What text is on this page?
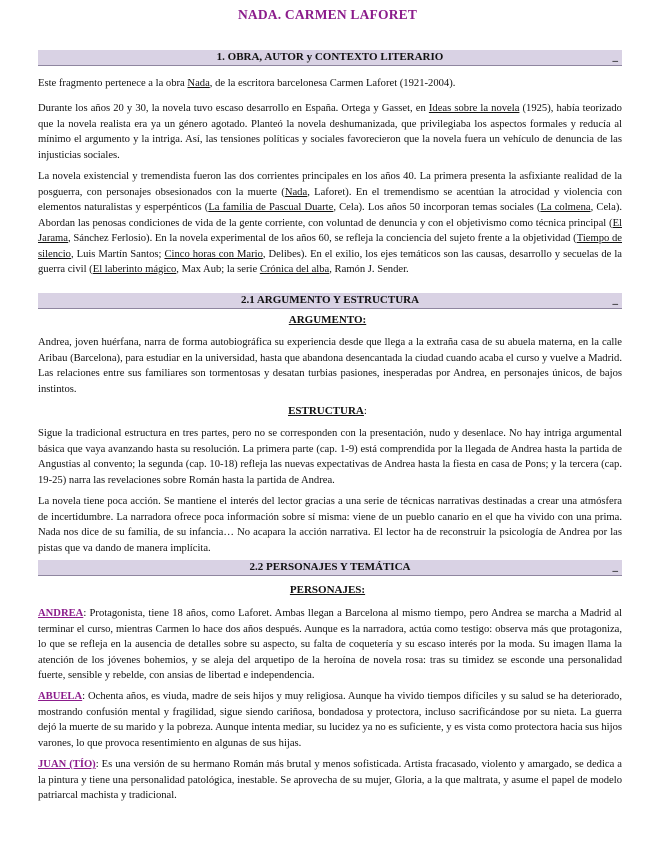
NADA. CARMEN LAFORET
1. OBRA, AUTOR y CONTEXTO LITERARIO	_

Este fragmento pertenece a la obra Nada, de la escritora barcelonesa Carmen Laforet (1921-2004).

Durante los años 20 y 30, la novela tuvo escaso desarrollo en España. Ortega y Gasset, en Ideas sobre la novela (1925), había teorizado que la novela realista era ya un género agotado. Planteó la novela deshumanizada, que privilegiaba los aspectos formales y reducía al mínimo el argumento y la intriga. Así, las tensiones políticas y sociales favorecieron que la novela fuera un vehículo de denuncia de las injusticias sociales.

La novela existencial y tremendista fueron las dos corrientes principales en los años 40. La primera presenta la asfixiante realidad de la posguerra, con personajes obsesionados con la muerte (Nada, Laforet). En el tremendismo se acentúan la atrocidad y violencia con elementos naturalistas y esperpénticos (La familia de Pascual Duarte, Cela). Los años 50 incorporan temas sociales (La colmena, Cela). Abordan las penosas condiciones de vida de la gente corriente, con voluntad de denuncia y con el objetivismo como técnica principal (El Jarama, Sánchez Ferlosio). En la novela experimental de los años 60, se refleja la conciencia del sujeto frente a la objetividad (Tiempo de silencio, Luis Martín Santos; Cinco horas con Mario, Delibes). En el exilio, los ejes temáticos son las causas, desarrollo y secuelas de la guerra civil (El laberinto mágico, Max Aub; la serie Crónica del alba, Ramón J. Sender.

2.1 ARGUMENTO Y ESTRUCTURA	_
ARGUMENTO:

Andrea, joven huérfana, narra de forma autobiográfica su experiencia desde que llega a la extraña casa de su abuela materna, en la calle Aribau (Barcelona), para estudiar en la universidad, hasta que abandona desencantada la ciudad cuando acaba el curso y vuelve a Madrid. Las relaciones entre sus familiares son tormentosas y desatan turbias pasiones, inesperadas por Andrea, en personajes únicos, de bajos instintos.

ESTRUCTURA:

Sigue la tradicional estructura en tres partes, pero no se corresponden con la presentación, nudo y desenlace. No hay intriga argumental básica que vaya avanzando hasta su resolución. La primera parte (cap. 1-9) está comprendida por la llegada de Andrea hasta la partida de Angustias al convento; la segunda (cap. 10-18) refleja las nuevas expectativas de Andrea hasta la fiesta en casa de Pons; y la tercera (cap. 19-25) narra las revelaciones sobre Román hasta la partida de Andrea.

La novela tiene poca acción. Se mantiene el interés del lector gracias a una serie de técnicas narrativas destinadas a crear una atmósfera de incertidumbre. La narradora ofrece poca información sobre sí misma: viene de un pueblo canario en el que ha vivido con una prima. Nada nos dice de su familia, de su infancia… No acapara la acción narrativa. El lector ha de reconstruir la psicología de Andrea por las pistas que va dando de manera implícita.

2.2 PERSONAJES Y TEMÁTICA	_
PERSONAJES:

ANDREA: Protagonista, tiene 18 años, como Laforet. Ambas llegan a Barcelona al mismo tiempo, pero Andrea se marcha a Madrid al terminar el curso, mientras Carmen lo hace dos años después. Aunque es la narradora, actúa como testigo: observa más que protagoniza, lo que se refleja en la ausencia de detalles sobre su aspecto, su falta de coquetería y su escaso interés por la moda. Su imagen llama la atención de los jóvenes bohemios, y se aleja del arquetipo de la heroína de novela rosa: tras su timidez se esconde una personalidad fuerte, sensible y rebelde, con ansias de libertad e independencia.

ABUELA: Ochenta años, es viuda, madre de seis hijos y muy religiosa. Aunque ha vivido tiempos difíciles y su salud se ha deteriorado, mostrando confusión mental y fragilidad, sigue siendo cariñosa, bondadosa y protectora, incluso sacrificándose por su nieta. La guerra dejó la muerte de su marido y la pobreza. Aunque intenta mediar, su lucidez ya no es suficiente, y es vista como protectora hacia sus hijos varones, lo que provoca resentimiento en algunas de sus hijas.

JUAN (TÍO): Es una versión de su hermano Román más brutal y menos sofisticada. Artista fracasado, violento y amargado, se dedica a la pintura y tiene una personalidad patológica, inestable. Se aprovecha de su mujer, Gloria, a la que maltrata, y asume el papel de modelo patriarcal machista y tradicional.
